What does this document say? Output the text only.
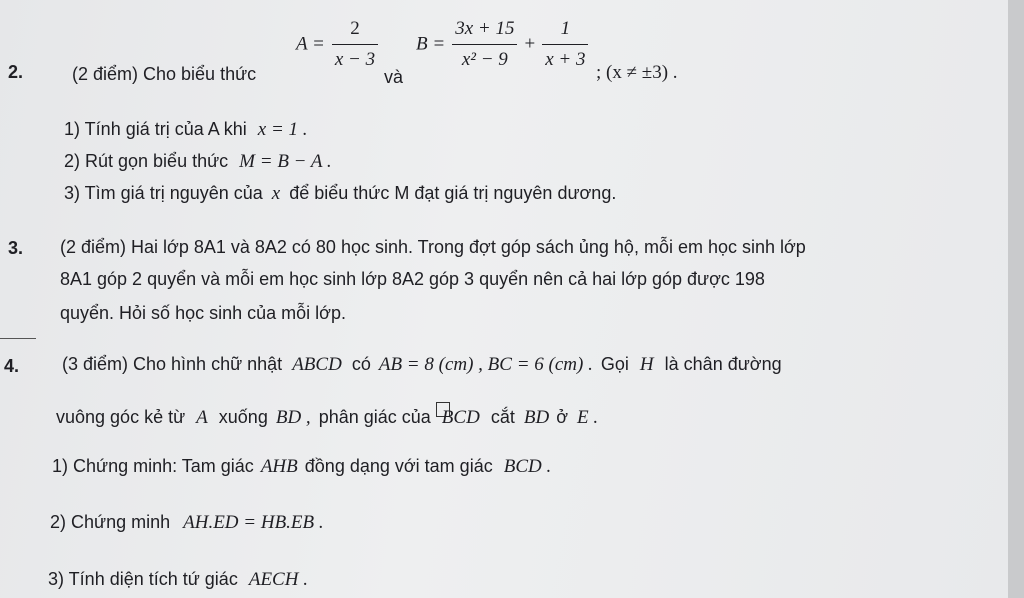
2.	(2 điểm) Cho biểu thức
$A = \frac{2}{x - 3}$
và
$B = \frac{3x + 15}{\text{x² − 9}} + \frac{1}{x + 3}$ ; (x ≠ ±3) .
1) Tính giá trị của A khi x = 1 .
2) Rút gọn biểu thức M = B − A .
3) Tìm giá trị nguyên của x để biểu thức M đạt giá trị nguyên dương.
3. (2 điểm) Hai lớp 8A1 và 8A2 có 80 học sinh. Trong đợt góp sách ủng hộ, mỗi em học sinh lớp
8A1 góp 2 quyển và mỗi em học sinh lớp 8A2 góp 3 quyển nên cả hai lớp góp được 198
quyển. Hỏi số học sinh của mỗi lớp.
4. (3 điểm) Cho hình chữ nhật ABCD có AB = 8 (cm) , BC = 6 (cm) . Gọi H là chân đường
vuông góc kẻ từ A xuống BD , phân giác của BCD cắt BD ở E .
1) Chứng minh: Tam giác AHB đồng dạng với tam giác BCD .
2) Chứng minh AH.ED = HB.EB .
3) Tính diện tích tứ giác AECH .
